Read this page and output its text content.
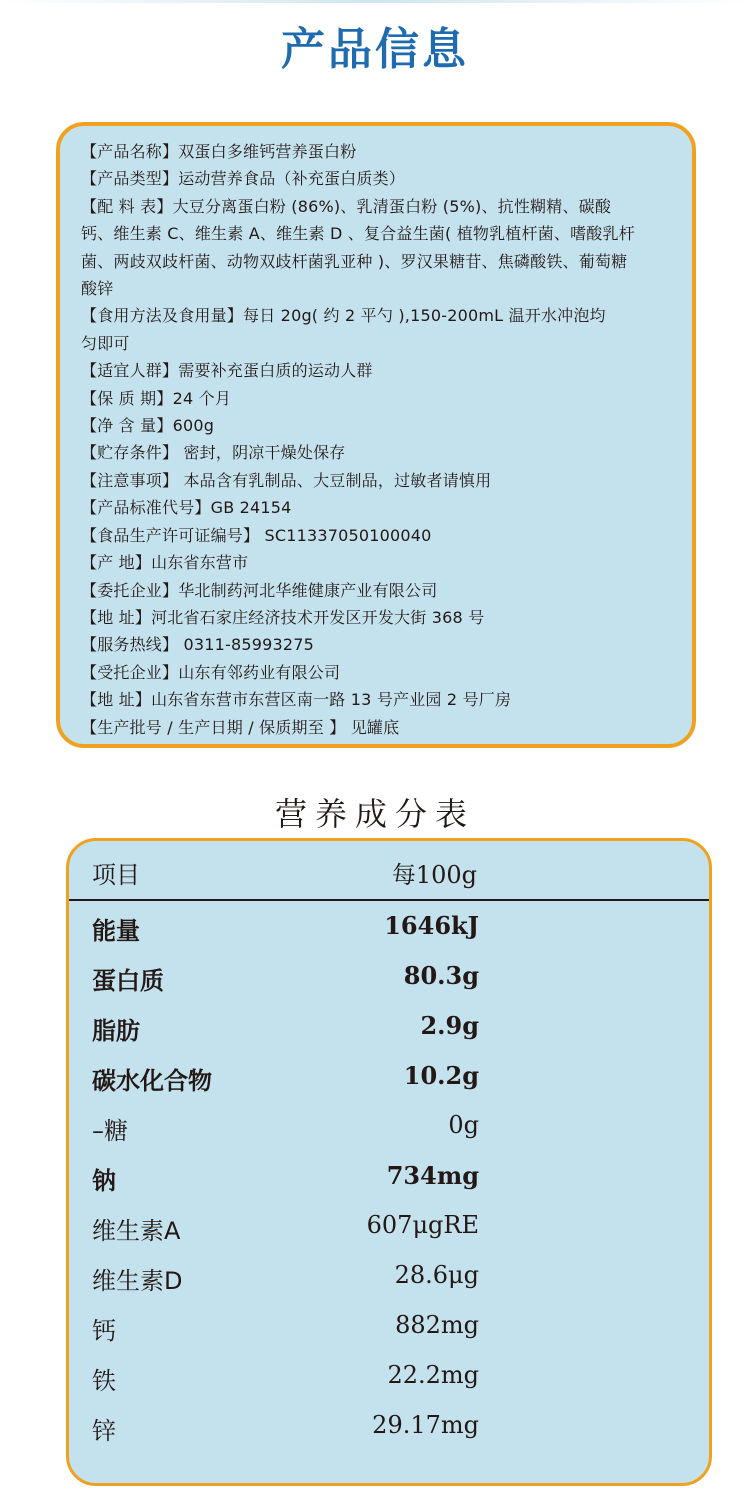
产品信息
【产品名称】双蛋白多维钙营养蛋白粉
【产品类型】运动营养食品（补充蛋白质类）
【配 料 表】大豆分离蛋白粉 (86%)、乳清蛋白粉 (5%)、抗性糊精、碳酸
钙、维生素 C、维生素 A、维生素 D 、复合益生菌( 植物乳植杆菌、嗜酸乳杆
菌、两歧双歧杆菌、动物双歧杆菌乳亚种 )、罗汉果糖苷、焦磷酸铁、葡萄糖
酸锌
【食用方法及食用量】每日 20g( 约 2 平勺 ),150-200mL 温开水冲泡均
匀即可
【适宜人群】需要补充蛋白质的运动人群
【保 质 期】24 个月
【净 含 量】600g
【贮存条件】 密封，阴凉干燥处保存
【注意事项】 本品含有乳制品、大豆制品，过敏者请慎用
【产品标准代号】GB 24154
【食品生产许可证编号】 SC11337050100040
【产 地】山东省东营市
【委托企业】华北制药河北华维健康产业有限公司
【地 址】河北省石家庄经济技术开发区开发大街 368 号
【服务热线】 0311-85993275
【受托企业】山东有邻药业有限公司
【地 址】山东省东营市东营区南一路 13 号产业园 2 号厂房
【生产批号 / 生产日期 / 保质期至 】 见罐底
营养成分表
项目	每100g
能量	1646kJ
蛋白质	80.3g
脂肪	2.9g
碳水化合物	10.2g
–糖	0g
钠	734mg
维生素A	607μgRE
维生素D	28.6μg
钙	882mg
铁	22.2mg
锌	29.17mg
